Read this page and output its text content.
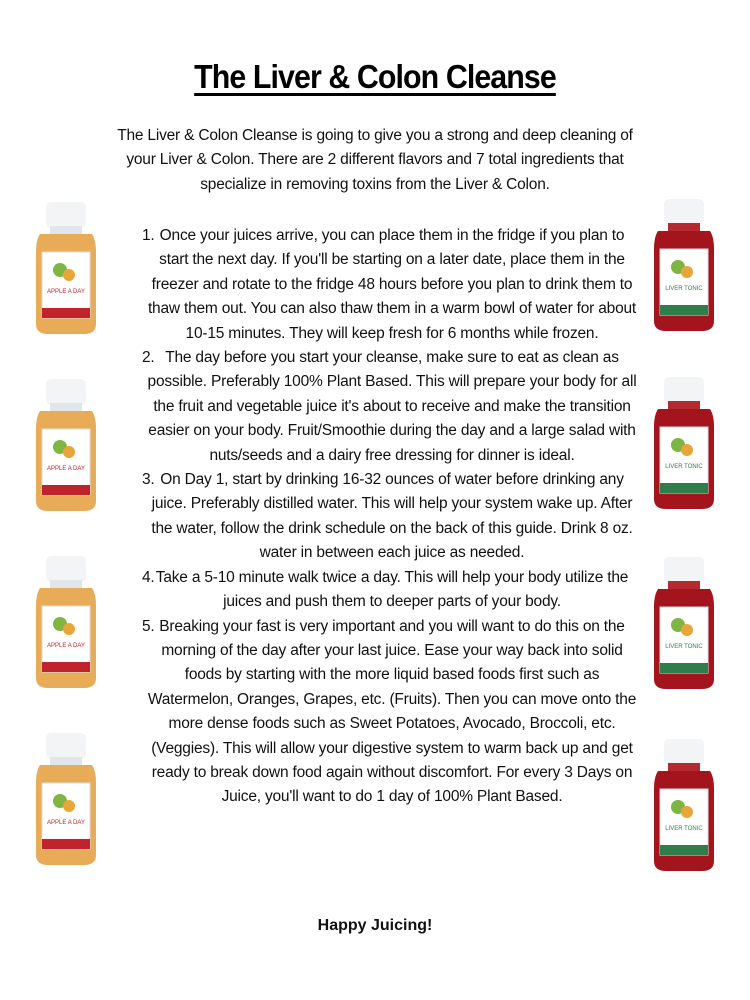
The Liver & Colon Cleanse
The Liver & Colon Cleanse is going to give you a strong and deep cleaning of your Liver & Colon. There are 2 different flavors and 7 total ingredients that specialize in removing toxins from the Liver & Colon.
1. Once your juices arrive, you can place them in the fridge if you plan to start the next day. If you'll be starting on a later date, place them in the freezer and rotate to the fridge 48 hours before you plan to drink them to thaw them out. You can also thaw them in a warm bowl of water for about 10-15 minutes. They will keep fresh for 6 months while frozen.
2. The day before you start your cleanse, make sure to eat as clean as possible. Preferably 100% Plant Based. This will prepare your body for all the fruit and vegetable juice it's about to receive and make the transition easier on your body. Fruit/Smoothie during the day and a large salad with nuts/seeds and a dairy free dressing for dinner is ideal.
3. On Day 1, start by drinking 16-32 ounces of water before drinking any juice. Preferably distilled water. This will help your system wake up. After the water, follow the drink schedule on the back of this guide. Drink 8 oz. water in between each juice as needed.
4. Take a 5-10 minute walk twice a day. This will help your body utilize the juices and push them to deeper parts of your body.
5. Breaking your fast is very important and you will want to do this on the morning of the day after your last juice. Ease your way back into solid foods by starting with the more liquid based foods first such as Watermelon, Oranges, Grapes, etc. (Fruits). Then you can move onto the more dense foods such as Sweet Potatoes, Avocado, Broccoli, etc. (Veggies). This will allow your digestive system to warm back up and get ready to break down food again without discomfort. For every 3 Days on Juice, you'll want to do 1 day of 100% Plant Based.
Happy Juicing!
APPLE A DAY
APPLE A DAY
APPLE A DAY
APPLE A DAY
LIVER TONIC
LIVER TONIC
LIVER TONIC
LIVER TONIC
